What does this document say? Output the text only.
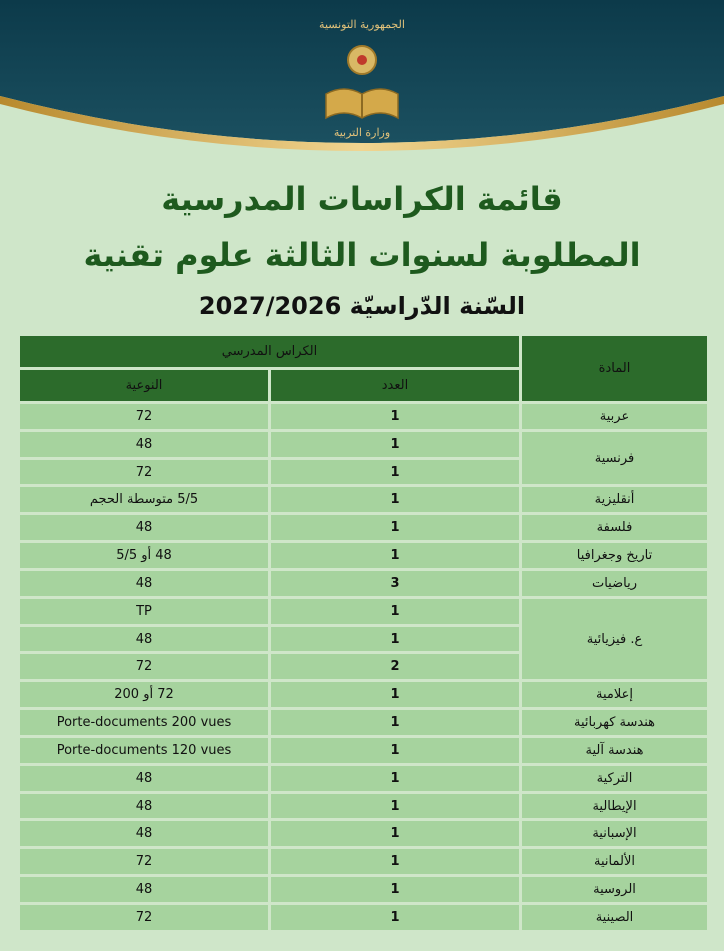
الجمهورية التونسية
وزارة التربية
قائمة الكراسات المدرسية
المطلوبة لسنوات الثالثة علوم تقنية
السّنة الدّراسيّة 2027/2026
المادة	الكراس المدرسي	
	العدد	النوعية
عربية	1	72
فرنسية	1	48
	1	72
أنقليزية	1	5/5 متوسطة الحجم
فلسفة	1	48
تاريخ وجغرافيا	1	48 أو 5/5
رياضيات	3	48
ع. فيزيائية	1	TP
	1	48
	2	72
إعلامية	1	72 أو 200
هندسة كهربائية	1	Porte-documents 200 vues
هندسة آلية	1	Porte-documents 120 vues
التركية	1	48
الإيطالية	1	48
الإسبانية	1	48
الألمانية	1	72
الروسية	1	48
الصينية	1	72
